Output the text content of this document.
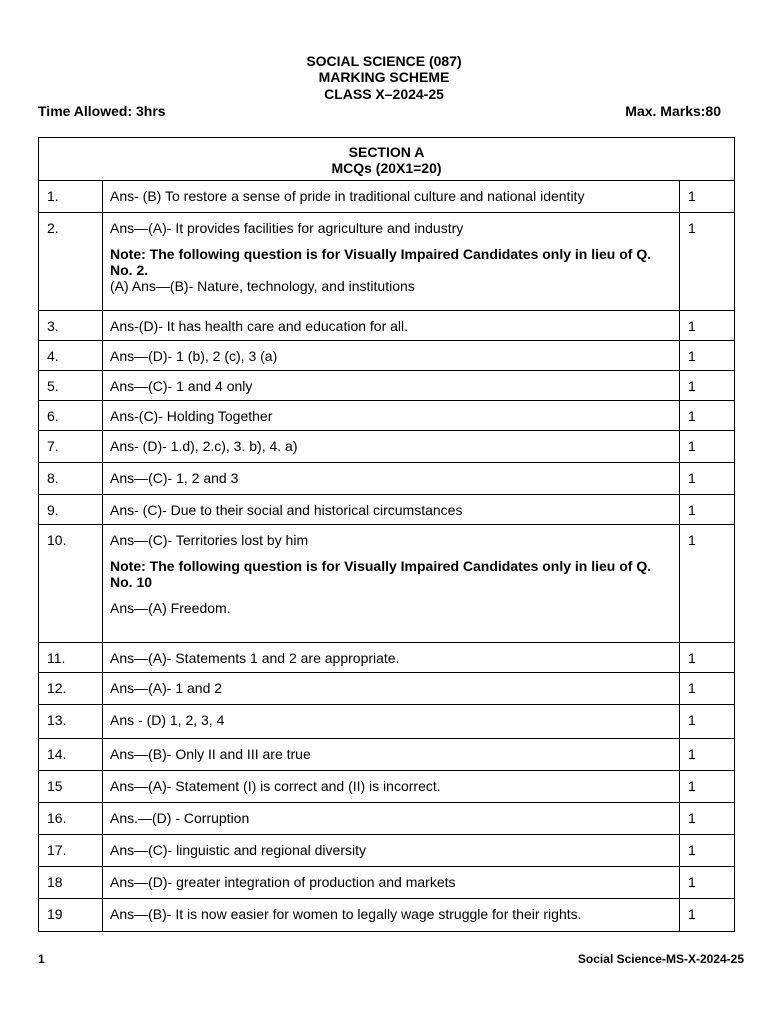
SOCIAL SCIENCE (087)
MARKING SCHEME
CLASS X–2024-25
Time Allowed: 3hrs	Max. Marks:80
SECTION A
MCQs (20X1=20)		

1.	Ans- (B) To restore a sense of pride in traditional culture and national identity	1

2.	Ans—(A)- It provides facilities for agriculture and industry
Note: The following question is for Visually Impaired Candidates only in lieu of Q. No. 2.
(A) Ans—(B)- Nature, technology, and institutions	1

3.	Ans-(D)- It has health care and education for all.	1

4.	Ans—(D)- 1 (b), 2 (c), 3 (a)	1

5.	Ans—(C)- 1 and 4 only	1

6.	Ans-(C)- Holding Together	1

7.	Ans- (D)- 1.d), 2.c), 3. b), 4. a)	1

8.	Ans—(C)- 1, 2 and 3	1

9.	Ans- (C)- Due to their social and historical circumstances	1

10.	Ans—(C)- Territories lost by him
Note: The following question is for Visually Impaired Candidates only in lieu of Q. No. 10
Ans—(A) Freedom.	1

11.	Ans—(A)- Statements 1 and 2 are appropriate.	1

12.	Ans—(A)- 1 and 2	1

13.	Ans - (D) 1, 2, 3, 4	1

14.	Ans—(B)- Only II and III are true	1

15	Ans—(A)- Statement (I) is correct and (II) is incorrect.	1

16.	Ans.—(D) - Corruption	1

17.	Ans—(C)- linguistic and regional diversity	1

18	Ans—(D)- greater integration of production and markets	1

19	Ans—(B)- It is now easier for women to legally wage struggle for their rights.	1
1	Social Science-MS-X-2024-25
